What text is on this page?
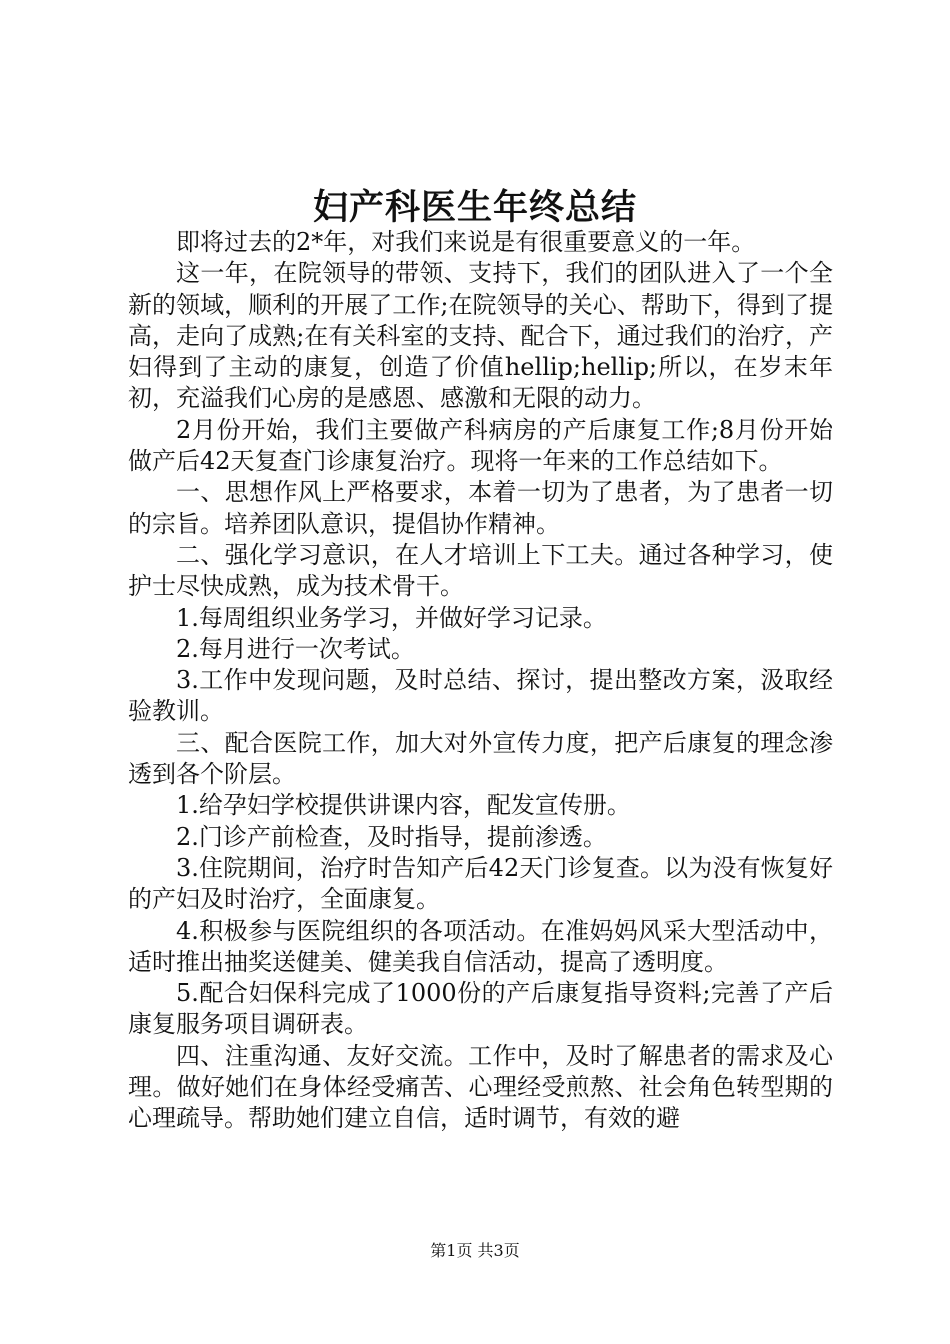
妇产科医生年终总结

即将过去的2*年，对我们来说是有很重要意义的一年。

这一年，在院领导的带领、支持下，我们的团队进入了一个全新的领域，顺利的开展了工作;在院领导的关心、帮助下，得到了提高，走向了成熟;在有关科室的支持、配合下，通过我们的治疗，产妇得到了主动的康复，创造了价值hellip;hellip;所以，在岁末年初，充溢我们心房的是感恩、感激和无限的动力。

2月份开始，我们主要做产科病房的产后康复工作;8月份开始做产后42天复查门诊康复治疗。现将一年来的工作总结如下。

一、思想作风上严格要求，本着一切为了患者，为了患者一切的宗旨。培养团队意识，提倡协作精神。

二、强化学习意识，在人才培训上下工夫。通过各种学习，使护士尽快成熟，成为技术骨干。

1.每周组织业务学习，并做好学习记录。

2.每月进行一次考试。

3.工作中发现问题，及时总结、探讨，提出整改方案，汲取经验教训。

三、配合医院工作，加大对外宣传力度，把产后康复的理念渗透到各个阶层。

1.给孕妇学校提供讲课内容，配发宣传册。

2.门诊产前检查，及时指导，提前渗透。

3.住院期间，治疗时告知产后42天门诊复查。以为没有恢复好的产妇及时治疗，全面康复。

4.积极参与医院组织的各项活动。在准妈妈风采大型活动中，适时推出抽奖送健美、健美我自信活动，提高了透明度。

5.配合妇保科完成了1000份的产后康复指导资料;完善了产后康复服务项目调研表。

四、注重沟通、友好交流。工作中，及时了解患者的需求及心理。做好她们在身体经受痛苦、心理经受煎熬、社会角色转型期的心理疏导。帮助她们建立自信，适时调节，有效的避

第1页 共3页
